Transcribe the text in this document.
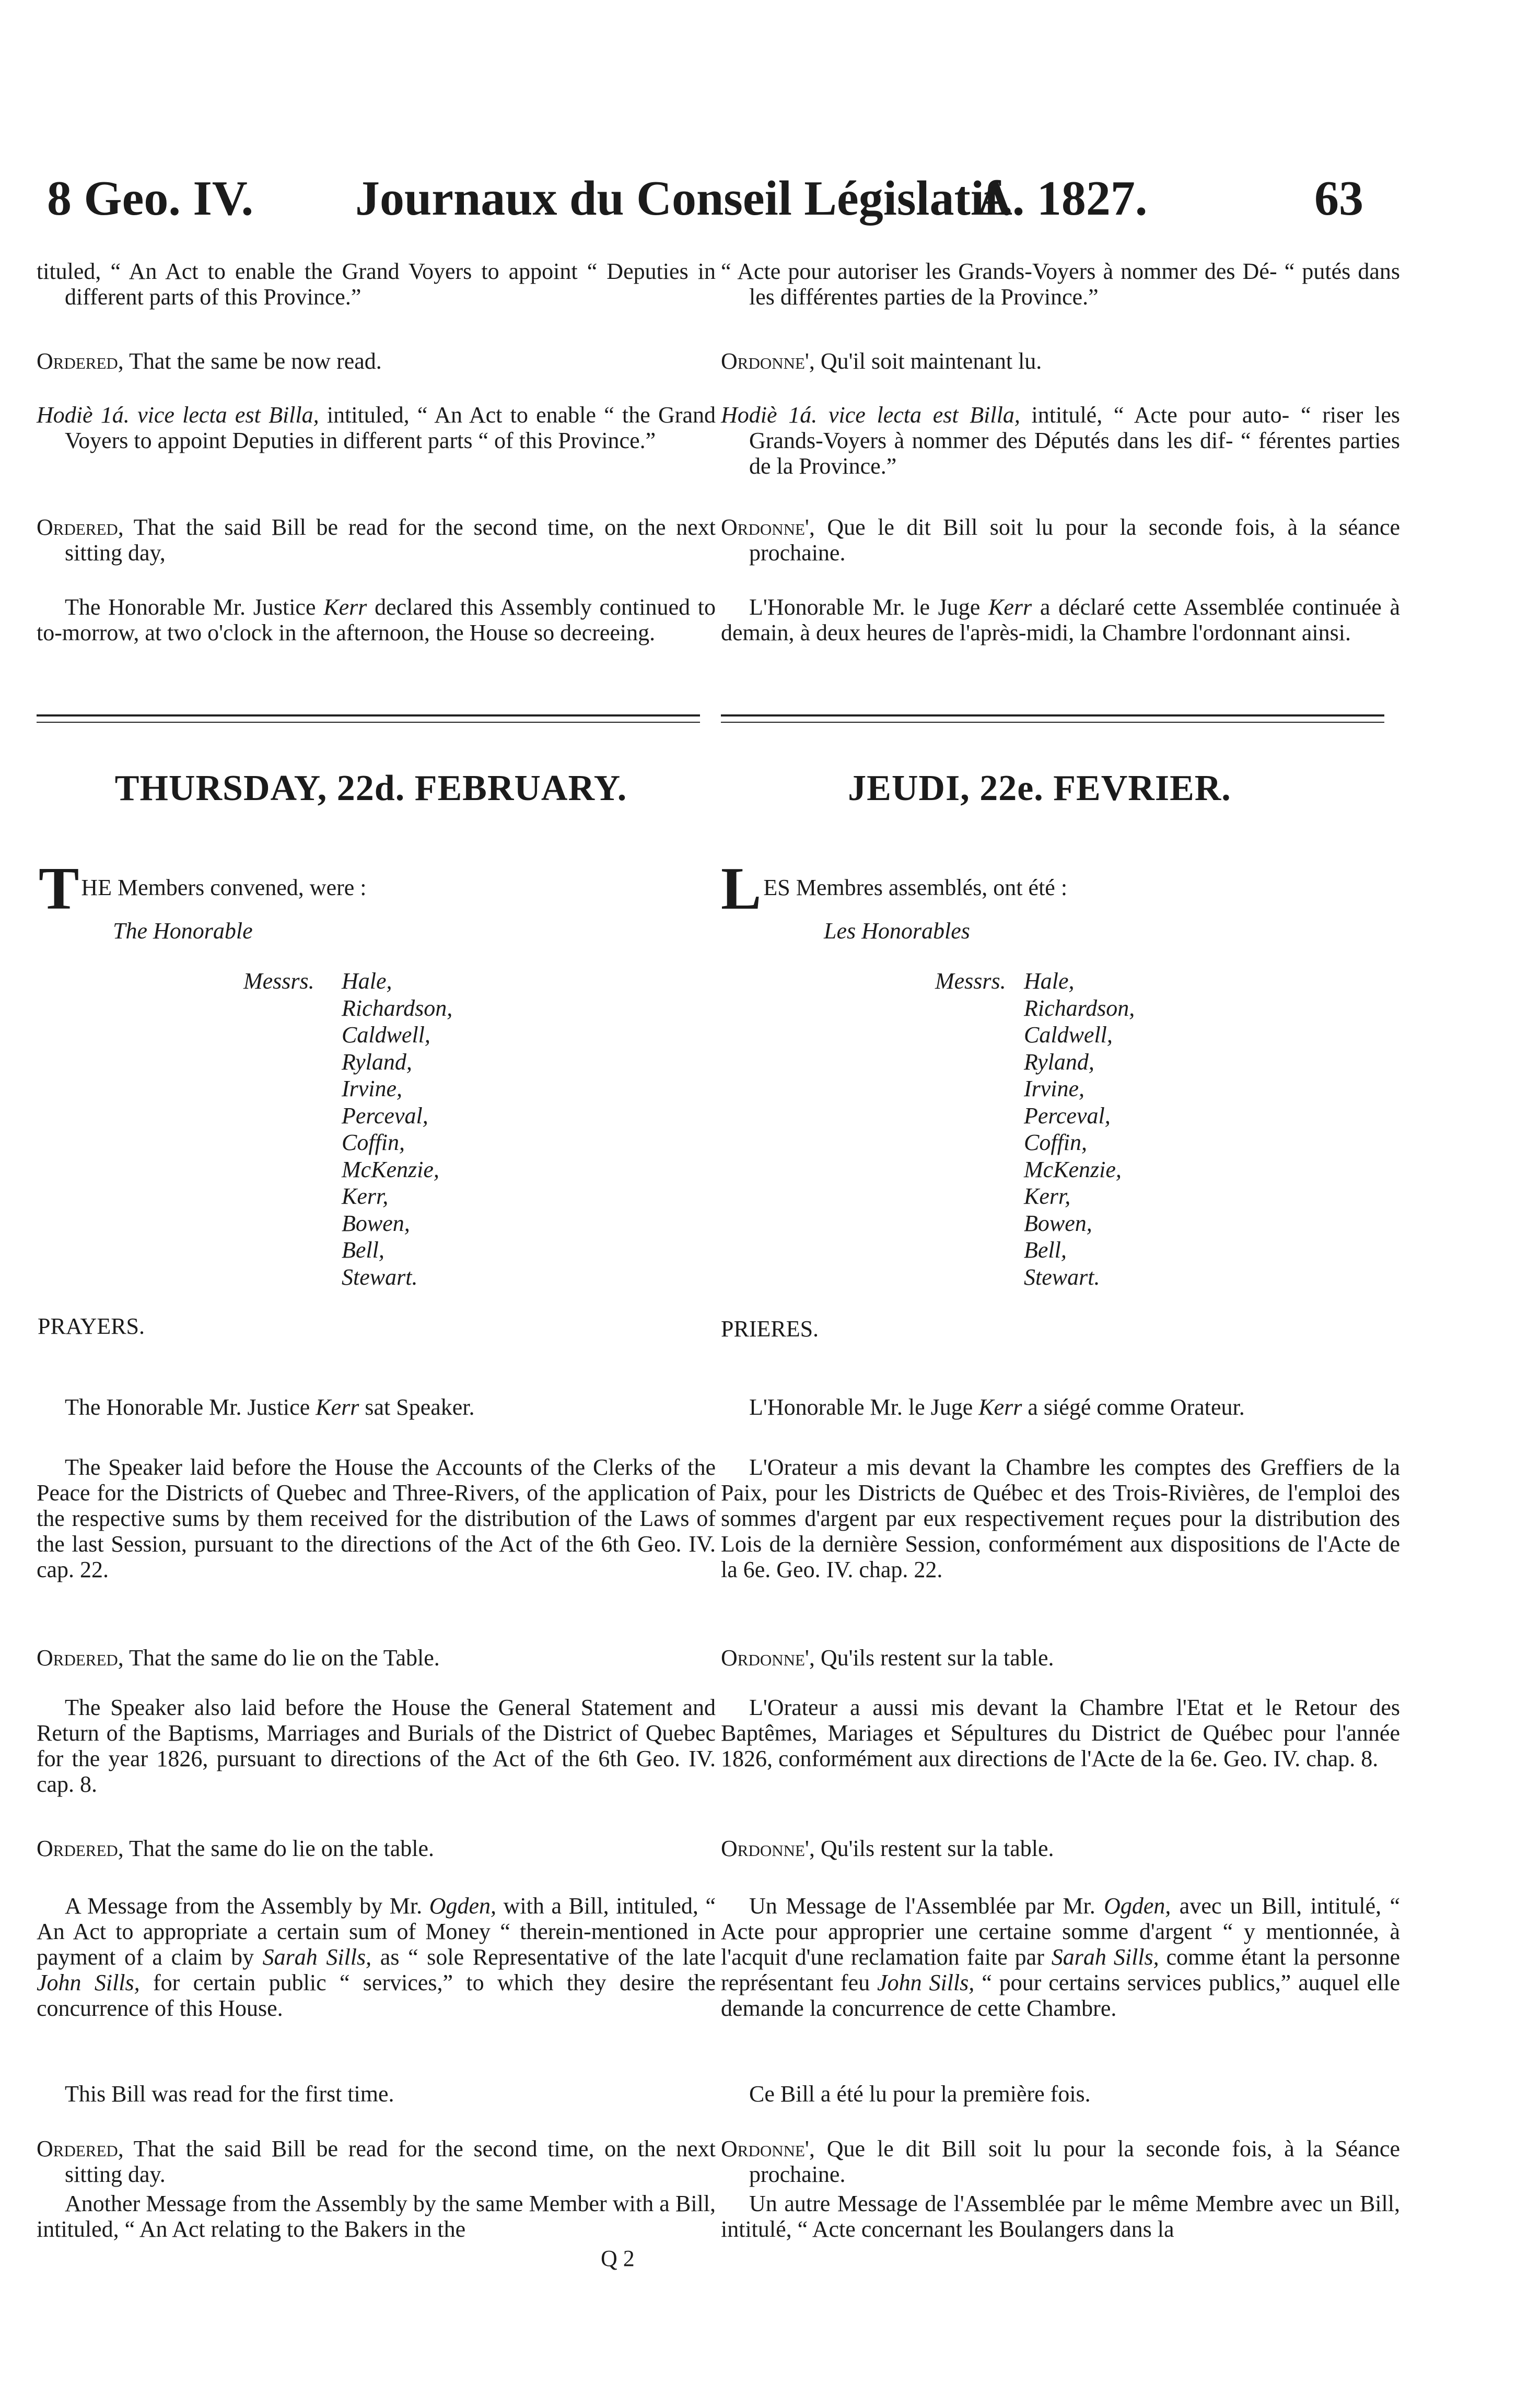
8 Geo. IV. Journaux du Conseil Législatif.
A. 1827.	63
tituled, “ An Act to enable the Grand Voyers to appoint “ Deputies in different parts of this Province.”
Ordered, That the same be now read.
Hodiè 1á. vice lecta est Billa, intituled, “ An Act to enable “ the Grand Voyers to appoint Deputies in different parts “ of this Province.”
Ordered, That the said Bill be read for the second time, on the next sitting day,
The Honorable Mr. Justice Kerr declared this Assembly continued to to-morrow, at two o'clock in the afternoon, the House so decreeing.
“ Acte pour autoriser les Grands-Voyers à nommer des Dé- “ putés dans les différentes parties de la Province.”
Ordonne', Qu'il soit maintenant lu.
Hodiè 1á. vice lecta est Billa, intitulé, “ Acte pour auto- “ riser les Grands-Voyers à nommer des Députés dans les dif- “ férentes parties de la Province.”
Ordonne', Que le dit Bill soit lu pour la seconde fois, à la séance prochaine.
L'Honorable Mr. le Juge Kerr a déclaré cette Assemblée continuée à demain, à deux heures de l'après-midi, la Chambre l'ordonnant ainsi.
THURSDAY, 22d. FEBRUARY.	JEUDI, 22e. FEVRIER.
THE Members convened, were :	LES Membres assemblés, ont été :
The Honorable	Les Honorables
Messrs. Hale,
Richardson,
Caldwell,
Ryland,
Irvine,
Perceval,
Coffin,
McKenzie,
Kerr,
Bowen,
Bell,
Stewart.
Messrs. Hale,
Richardson,
Caldwell,
Ryland,
Irvine,
Perceval,
Coffin,
McKenzie,
Kerr,
Bowen,
Bell,
Stewart.
PRAYERS.	PRIERES.
The Honorable Mr. Justice Kerr sat Speaker.
The Speaker laid before the House the Accounts of the Clerks of the Peace for the Districts of Quebec and Three-Rivers, of the application of the respective sums by them received for the distribution of the Laws of the last Session, pursuant to the directions of the Act of the 6th Geo. IV. cap. 22.
Ordered, That the same do lie on the Table.
The Speaker also laid before the House the General Statement and Return of the Baptisms, Marriages and Burials of the District of Quebec for the year 1826, pursuant to directions of the Act of the 6th Geo. IV. cap. 8.
Ordered, That the same do lie on the table.
A Message from the Assembly by Mr. Ogden, with a Bill, intituled, “ An Act to appropriate a certain sum of Money “ therein-mentioned in payment of a claim by Sarah Sills, as “ sole Representative of the late John Sills, for certain public “ services,” to which they desire the concurrence of this House.
This Bill was read for the first time.
Ordered, That the said Bill be read for the second time, on the next sitting day.
Another Message from the Assembly by the same Member with a Bill, intituled, “ An Act relating to the Bakers in the
Q 2
L'Honorable Mr. le Juge Kerr a siégé comme Orateur.
L'Orateur a mis devant la Chambre les comptes des Greffiers de la Paix, pour les Districts de Québec et des Trois-Rivières, de l'emploi des sommes d'argent par eux respectivement reçues pour la distribution des Lois de la dernière Session, conformément aux dispositions de l'Acte de la 6e. Geo. IV. chap. 22.
Ordonne', Qu'ils restent sur la table.
L'Orateur a aussi mis devant la Chambre l'Etat et le Retour des Baptêmes, Mariages et Sépultures du District de Québec pour l'année 1826, conformément aux directions de l'Acte de la 6e. Geo. IV. chap. 8.
Ordonne', Qu'ils restent sur la table.
Un Message de l'Assemblée par Mr. Ogden, avec un Bill, intitulé, “ Acte pour approprier une certaine somme d'argent “ y mentionnée, à l'acquit d'une reclamation faite par Sarah Sills, comme étant la personne représentant feu John Sills, “ pour certains services publics,” auquel elle demande la concurrence de cette Chambre.
Ce Bill a été lu pour la première fois.
Ordonne', Que le dit Bill soit lu pour la seconde fois, à la Séance prochaine.
Un autre Message de l'Assemblée par le même Membre avec un Bill, intitulé, “ Acte concernant les Boulangers dans la
